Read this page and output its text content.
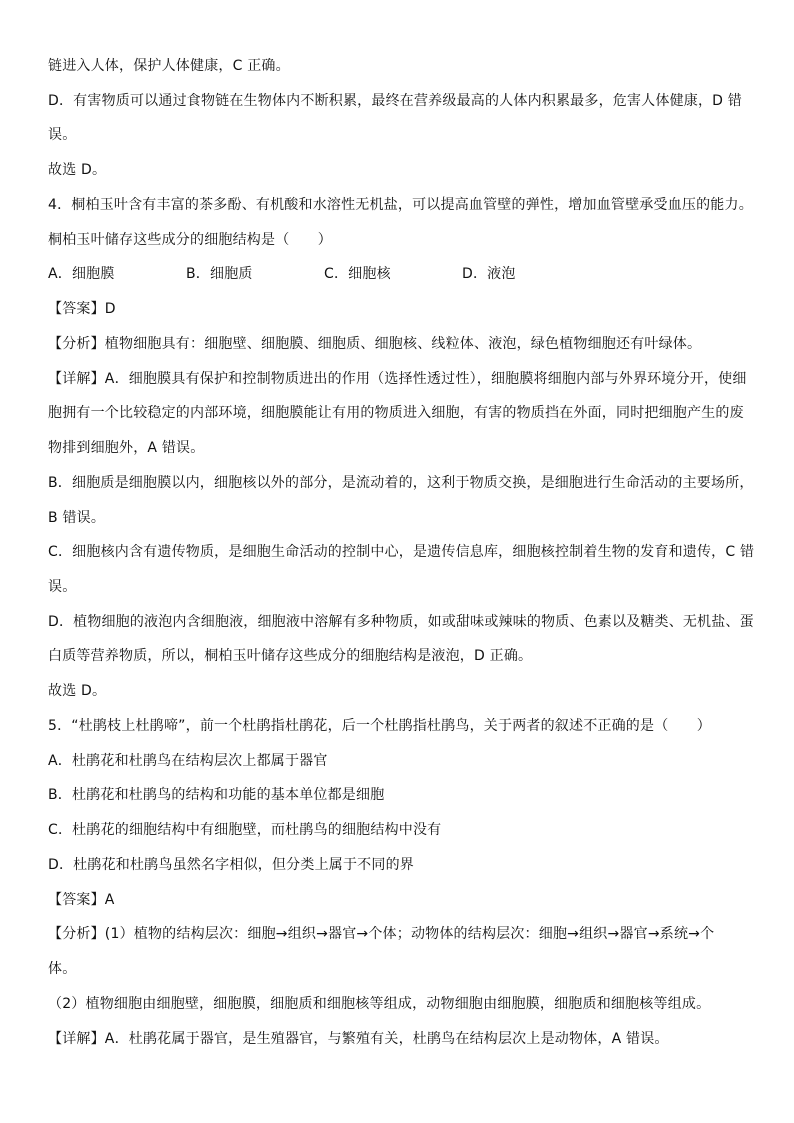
链进入人体，保护人体健康，C 正确。
D．有害物质可以通过食物链在生物体内不断积累，最终在营养级最高的人体内积累最多，危害人体健康，D 错
误。
故选 D。
4．桐柏玉叶含有丰富的茶多酚、有机酸和水溶性无机盐，可以提高血管壁的弹性，增加血管壁承受血压的能力。
桐柏玉叶储存这些成分的细胞结构是（　　）
A．细胞膜	B．细胞质	C．细胞核	D．液泡
【答案】D
【分析】植物细胞具有：细胞壁、细胞膜、细胞质、细胞核、线粒体、液泡，绿色植物细胞还有叶绿体。
【详解】A．细胞膜具有保护和控制物质进出的作用（选择性透过性），细胞膜将细胞内部与外界环境分开，使细
胞拥有一个比较稳定的内部环境，细胞膜能让有用的物质进入细胞，有害的物质挡在外面，同时把细胞产生的废
物排到细胞外，A 错误。
B．细胞质是细胞膜以内，细胞核以外的部分，是流动着的，这利于物质交换，是细胞进行生命活动的主要场所，
B 错误。
C．细胞核内含有遗传物质，是细胞生命活动的控制中心，是遗传信息库，细胞核控制着生物的发育和遗传，C 错
误。
D．植物细胞的液泡内含细胞液，细胞液中溶解有多种物质，如或甜味或辣味的物质、色素以及糖类、无机盐、蛋
白质等营养物质，所以，桐柏玉叶储存这些成分的细胞结构是液泡，D 正确。
故选 D。
5．“杜鹃枝上杜鹃啼”，前一个杜鹃指杜鹃花，后一个杜鹃指杜鹃鸟，关于两者的叙述不正确的是（　　）
A．杜鹃花和杜鹃鸟在结构层次上都属于器官
B．杜鹃花和杜鹃鸟的结构和功能的基本单位都是细胞
C．杜鹃花的细胞结构中有细胞壁，而杜鹃鸟的细胞结构中没有
D．杜鹃花和杜鹃鸟虽然名字相似，但分类上属于不同的界
【答案】A
【分析】(1）植物的结构层次：细胞→组织→器官→个体；动物体的结构层次：细胞→组织→器官→系统→个
体。
（2）植物细胞由细胞壁，细胞膜，细胞质和细胞核等组成，动物细胞由细胞膜，细胞质和细胞核等组成。
【详解】A．杜鹃花属于器官，是生殖器官，与繁殖有关，杜鹃鸟在结构层次上是动物体，A 错误。
